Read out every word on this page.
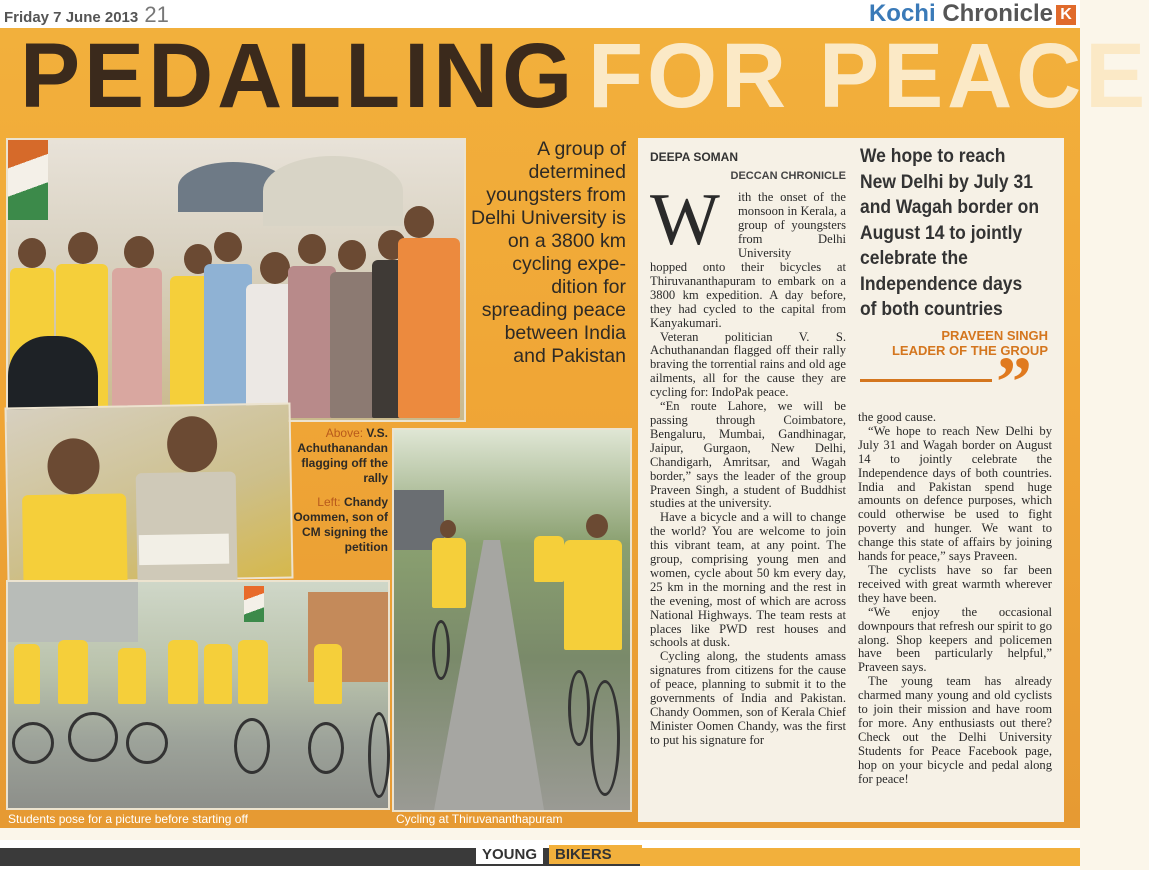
Friday 7 June 2013 21	Kochi Chronicle K
PEDALLING FOR PEACE
Above: V.S. Achuthanandan flagging off the rally
Left: Chandy Oommen, son of CM signing the petition
Students pose for a picture before starting off	Cycling at Thiruvananthapuram
A group of determined youngsters from Delhi University is on a 3800 km cycling expe-dition for spreading peace between India and Pakistan
DEEPA SOMAN
DECCAN CHRONICLE
W ith the onset of the monsoon in Kerala, a group of youngsters from Delhi University

hopped onto their bicycles at Thiruvananthapuram to embark on a 3800 km expedition. A day before, they had cycled to the capital from Kanyakumari.

Veteran politician V. S. Achuthanandan flagged off their rally braving the torrential rains and old age ailments, all for the cause they are cycling for: IndoPak peace.

“En route Lahore, we will be passing through Coimbatore, Bengaluru, Mumbai, Gandhinagar, Jaipur, Gurgaon, New Delhi, Chandigarh, Amritsar, and Wagah border,” says the leader of the group Praveen Singh, a student of Buddhist studies at the university.

Have a bicycle and a will to change the world? You are welcome to join this vibrant team, at any point. The group, comprising young men and women, cycle about 50 km every day, 25 km in the morning and the rest in the evening, most of which are across National Highways. The team rests at places like PWD rest houses and schools at dusk.

Cycling along, the students amass signatures from citizens for the cause of peace, planning to submit it to the governments of India and Pakistan. Chandy Oommen, son of Kerala Chief Minister Oomen Chandy, was the first to put his signature for

the good cause.

“We hope to reach New Delhi by July 31 and Wagah border on August 14 to jointly celebrate the Independence days of both countries. India and Pakistan spend huge amounts on defence purposes, which could otherwise be used to fight poverty and hunger. We want to change this state of affairs by joining hands for peace,” says Praveen.

The cyclists have so far been received with great warmth wherever they have been.

“We enjoy the occasional downpours that refresh our spirit to go along. Shop keepers and policemen have been particularly helpful,” Praveen says.

The young team has already charmed many young and old cyclists to join their mission and have room for more. Any enthusiasts out there? Check out the Delhi University Students for Peace Facebook page, hop on your bicycle and pedal along for peace!

We hope to reach New Delhi by July 31 and Wagah border on August 14 to jointly celebrate the Independence days of both countries
PRAVEEN SINGH
LEADER OF THE GROUP
”
YOUNG BIKERS
